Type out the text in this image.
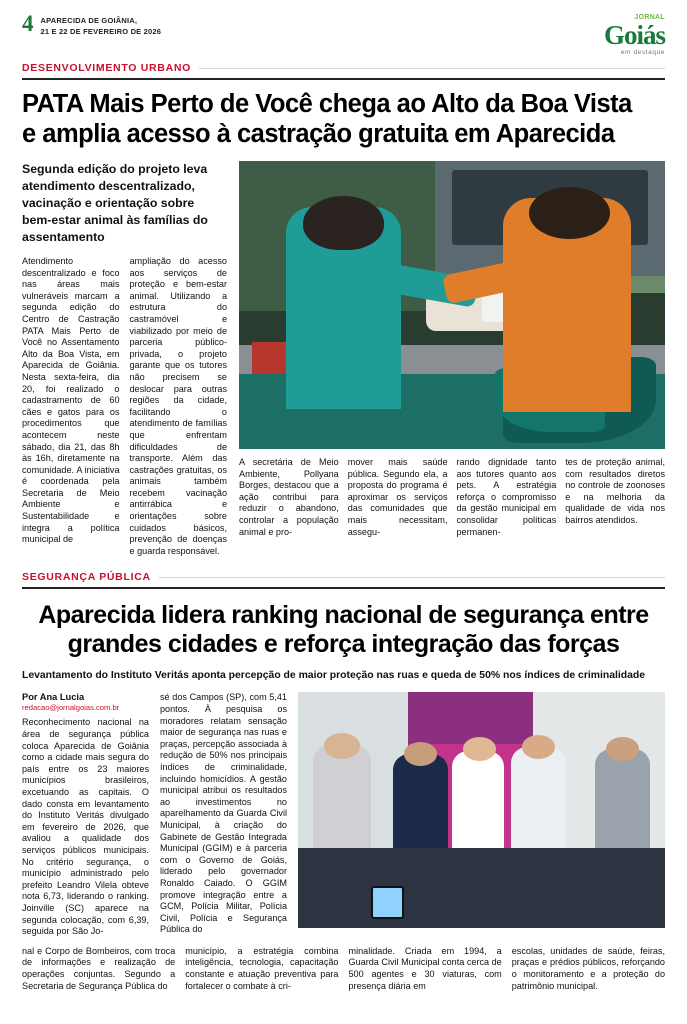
4 APARECIDA DE GOIÂNIA,
21 E 22 DE FEVEREIRO DE 2026
JORNAL
Goiás
em destaque
DESENVOLVIMENTO URBANO
PATA Mais Perto de Você chega ao Alto da Boa Vista
e amplia acesso à castração gratuita em Aparecida
Segunda edição do projeto leva atendimento descentralizado, vacinação e orientação sobre bem-estar animal às famílias do assentamento

Atendimento descentralizado e foco nas áreas mais vulneráveis marcam a segunda edição do Centro de Castração PATA Mais Perto de Você no Assentamento Alto da Boa Vista, em Aparecida de Goiânia. Nesta sexta-feira, dia 20, foi realizado o cadastramento de 60 cães e gatos para os procedimentos que acontecem neste sábado, dia 21, das 8h às 16h, diretamente na comunidade. A iniciativa é coordenada pela Secretaria de Meio Ambiente e Sustentabilidade e integra a política municipal de

ampliação do acesso aos serviços de proteção e bem-estar animal. Utilizando a estrutura do castramóvel e viabilizado por meio de parceria público-privada, o projeto garante que os tutores não precisem se deslocar para outras regiões da cidade, facilitando o atendimento de famílias que enfrentam dificuldades de transporte. Além das castrações gratuitas, os animais também recebem vacinação antirrábica e orientações sobre cuidados básicos, prevenção de doenças e guarda responsável.

A secretária de Meio Ambiente, Pollyana Borges, destacou que a ação contribui para reduzir o abandono, controlar a população animal e pro-
mover mais saúde pública. Segundo ela, a proposta do programa é aproximar os serviços das comunidades que mais necessitam, assegu-
rando dignidade tanto aos tutores quanto aos pets. A estratégia reforça o compromisso da gestão municipal em consolidar políticas permanen-
tes de proteção animal, com resultados diretos no controle de zoonoses e na melhoria da qualidade de vida nos bairros atendidos.
SEGURANÇA PÚBLICA
Aparecida lidera ranking nacional de segurança entre
grandes cidades e reforça integração das forças
Levantamento do Instituto Veritás aponta percepção de maior proteção nas ruas e queda de 50% nos índices de criminalidade
Por Ana Lucia
redacao@jornalgoias.com.br

Reconhecimento nacional na área de segurança pública coloca Aparecida de Goiânia como a cidade mais segura do país entre os 23 maiores municípios brasileiros, excetuando as capitais. O dado consta em levantamento do Instituto Veritás divulgado em fevereiro de 2026, que avaliou a qualidade dos serviços públicos municipais. No critério segurança, o município administrado pelo prefeito Leandro Vilela obteve nota 6,73, liderando o ranking. Joinville (SC) aparece na segunda colocação, com 6,39, seguida por São Jo-

sé dos Campos (SP), com 5,41 pontos. À pesquisa os moradores relatam sensação maior de segurança nas ruas e praças, percepção associada à redução de 50% nos principais índices de criminalidade, incluindo homicídios. A gestão municipal atribui os resultados ao investimentos no aparelhamento da Guarda Civil Municipal, à criação do Gabinete de Gestão Integrada Municipal (GGIM) e à parceria com o Governo de Goiás, liderado pelo governador Ronaldo Caiado. O GGIM promove integração entre a GCM, Polícia Militar, Polícia Civil, Polícia e Segurança Pública do

nal e Corpo de Bombeiros, com troca de informações e realização de operações conjuntas. Segundo a Secretaria de Segurança Pública do
município, a estratégia combina inteligência, tecnologia, capacitação constante e atuação preventiva para fortalecer o combate à cri-
minalidade. Criada em 1994, a Guarda Civil Municipal conta cerca de 500 agentes e 30 viaturas, com presença diária em
escolas, unidades de saúde, feiras, praças e prédios públicos, reforçando o monitoramento e a proteção do patrimônio municipal.
